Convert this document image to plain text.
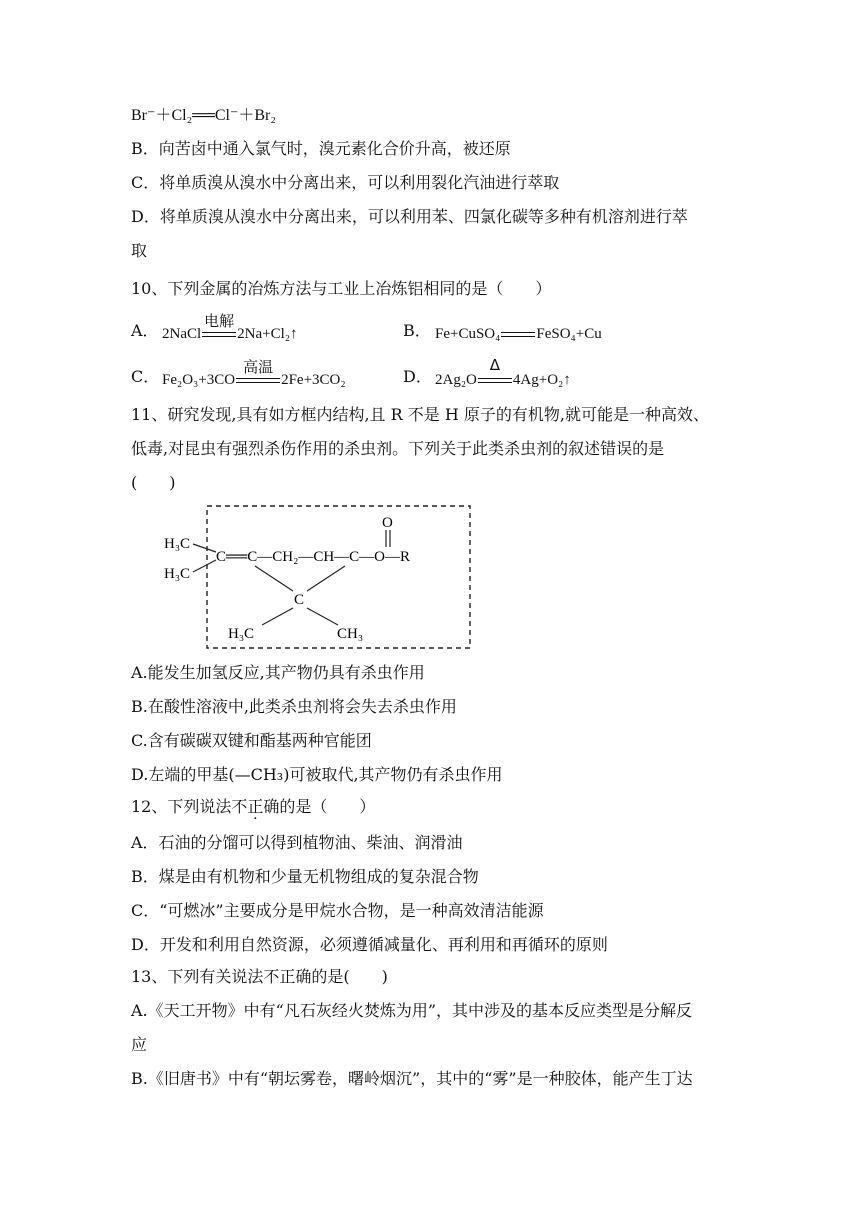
Br⁻＋Cl₂══Cl⁻＋Br₂
B．向苦卤中通入氯气时，溴元素化合价升高，被还原
C．将单质溴从溴水中分离出来，可以利用裂化汽油进行萃取
D．将单质溴从溴水中分离出来，可以利用苯、四氯化碳等多种有机溶剂进行萃
取
10、下列金属的冶炼方法与工业上冶炼铝相同的是（　　）
A． 2NaCl
电解
2Na+Cl₂↑	B． Fe+CuSO₄ FeSO₄+Cu
C． Fe₂O₃+3CO
高温
2Fe+3CO₂	D． 2Ag₂O
Δ
4Ag+O₂↑
11、研究发现,具有如方框内结构,且 R 不是 H 原子的有机物,就可能是一种高效、
低毒,对昆虫有强烈杀伤作用的杀虫剂。下列关于此类杀虫剂的叙述错误的是
(　　)
H₃C
H₃C
C══C—CH₂—CH—C—O—R
O
C
H₃C	CH₃
A.能发生加氢反应,其产物仍具有杀虫作用
B.在酸性溶液中,此类杀虫剂将会失去杀虫作用
C.含有碳碳双键和酯基两种官能团
D.左端的甲基(—CH₃)可被取代,其产物仍有杀虫作用
12、下列说法不正确的是（　　）
A．石油的分馏可以得到植物油、柴油、润滑油
B．煤是由有机物和少量无机物组成的复杂混合物
C．“可燃冰”主要成分是甲烷水合物，是一种高效清洁能源
D．开发和利用自然资源，必须遵循减量化、再利用和再循环的原则
13、下列有关说法不正确的是(　　)
A.《天工开物》中有“凡石灰经火焚炼为用”，其中涉及的基本反应类型是分解反
应
B.《旧唐书》中有“朝坛雾卷，曙岭烟沉”，其中的“雾”是一种胶体，能产生丁达
